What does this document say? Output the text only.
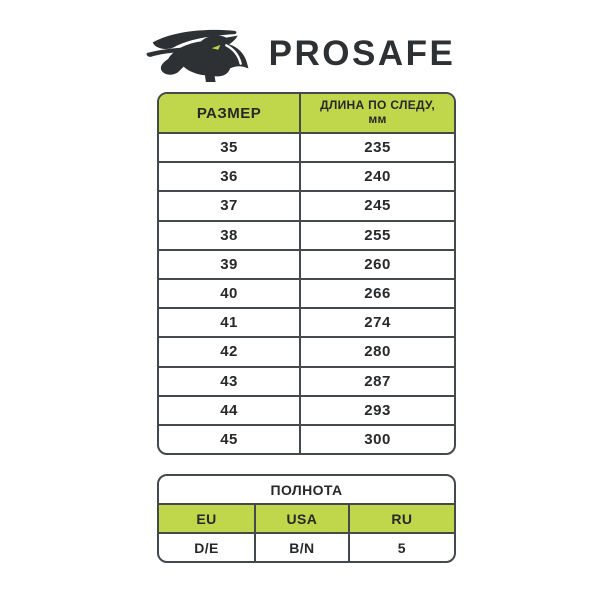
PROSAFE
РАЗМЕР	ДЛИНА ПО СЛЕДУ,
мм
35	235
36	240
37	245
38	255
39	260
40	266
41	274
42	280
43	287
44	293
45	300
ПОЛНОТА
EU	USA	RU
D/E	B/N	5
